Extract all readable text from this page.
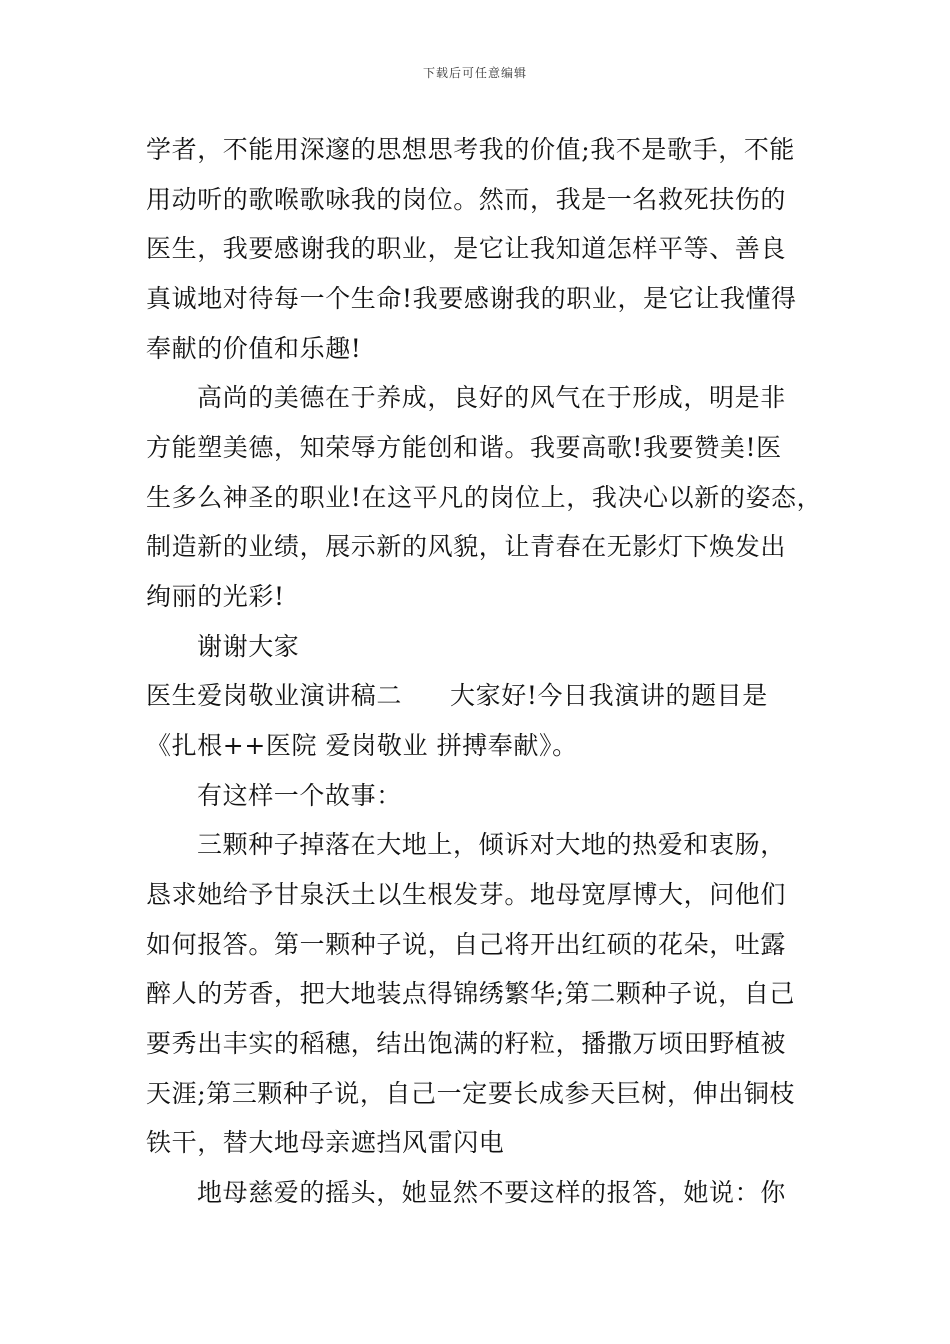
下载后可任意编辑
学者，不能用深邃的思想思考我的价值;我不是歌手，不能
用动听的歌喉歌咏我的岗位。然而，我是一名救死扶伤的
医生，我要感谢我的职业，是它让我知道怎样平等、善良
真诚地对待每一个生命!我要感谢我的职业，是它让我懂得
奉献的价值和乐趣!
高尚的美德在于养成，良好的风气在于形成，明是非
方能塑美德，知荣辱方能创和谐。我要高歌!我要赞美!医
生多么神圣的职业!在这平凡的岗位上，我决心以新的姿态，
制造新的业绩，展示新的风貌，让青春在无影灯下焕发出
绚丽的光彩!
谢谢大家
医生爱岗敬业演讲稿二 大家好!今日我演讲的题目是
《扎根++医院 爱岗敬业 拼搏奉献》。
有这样一个故事：
三颗种子掉落在大地上，倾诉对大地的热爱和衷肠，
恳求她给予甘泉沃土以生根发芽。地母宽厚博大，问他们
如何报答。第一颗种子说，自己将开出红硕的花朵，吐露
醉人的芳香，把大地装点得锦绣繁华;第二颗种子说，自己
要秀出丰实的稻穗，结出饱满的籽粒，播撒万顷田野植被
天涯;第三颗种子说，自己一定要长成参天巨树，伸出铜枝
铁干，替大地母亲遮挡风雷闪电
地母慈爱的摇头，她显然不要这样的报答，她说：你
